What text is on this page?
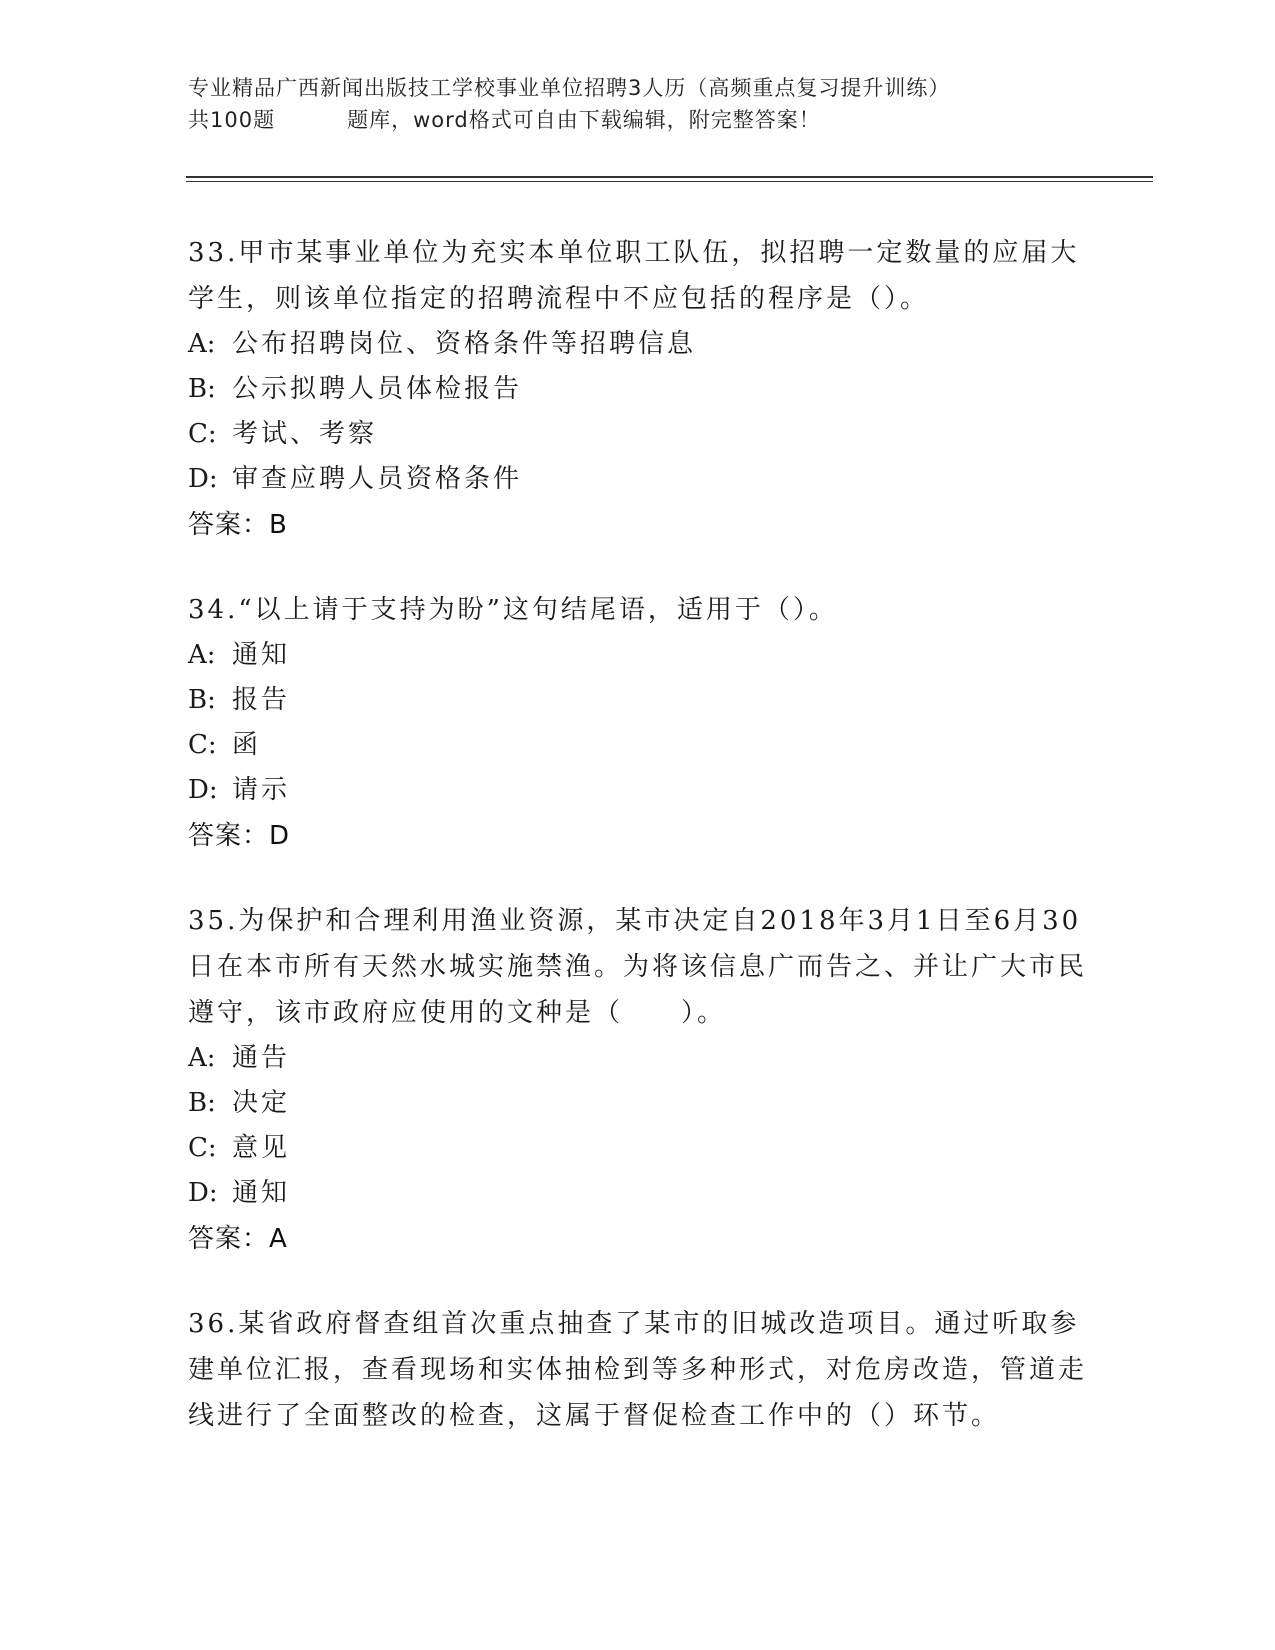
专业精品广西新闻出版技工学校事业单位招聘3人历（高频重点复习提升训练）
共100题	题库，word格式可自由下载编辑，附完整答案！

33.甲市某事业单位为充实本单位职工队伍，拟招聘一定数量的应届大学生，则该单位指定的招聘流程中不应包括的程序是（）。

A: 公布招聘岗位、资格条件等招聘信息

B: 公示拟聘人员体检报告

C: 考试、考察

D: 审查应聘人员资格条件

答案：B

34.“以上请于支持为盼”这句结尾语，适用于（）。

A: 通知

B: 报告

C: 函

D: 请示

答案：D

35.为保护和合理利用渔业资源，某市决定自2018年3月1日至6月30日在本市所有天然水城实施禁渔。为将该信息广而告之、并让广大市民遵守，该市政府应使用的文种是（　　）。

A: 通告

B: 决定

C: 意见

D: 通知

答案：A

36.某省政府督查组首次重点抽查了某市的旧城改造项目。通过听取参建单位汇报，查看现场和实体抽检到等多种形式，对危房改造，管道走线进行了全面整改的检查，这属于督促检查工作中的（）环节。
